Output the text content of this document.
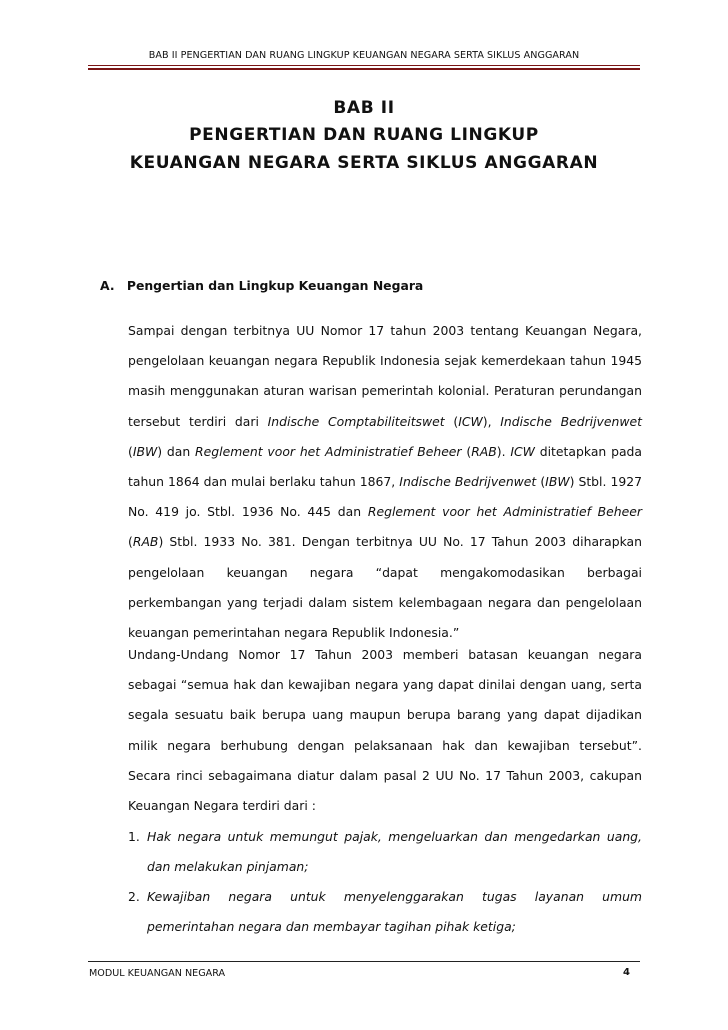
BAB II PENGERTIAN DAN RUANG LINGKUP KEUANGAN NEGARA SERTA SIKLUS ANGGARAN
BAB II
PENGERTIAN DAN RUANG LINGKUP
KEUANGAN NEGARA SERTA SIKLUS ANGGARAN
A. Pengertian dan Lingkup Keuangan Negara

Sampai dengan terbitnya UU Nomor 17 tahun 2003 tentang Keuangan Negara, pengelolaan keuangan negara Republik Indonesia sejak kemerdekaan tahun 1945 masih menggunakan aturan warisan pemerintah kolonial. Peraturan perundangan tersebut terdiri dari Indische Comptabiliteitswet (ICW), Indische Bedrijvenwet (IBW) dan Reglement voor het Administratief Beheer (RAB). ICW ditetapkan pada tahun 1864 dan mulai berlaku tahun 1867, Indische Bedrijvenwet (IBW) Stbl. 1927 No. 419 jo. Stbl. 1936 No. 445 dan Reglement voor het Administratief Beheer (RAB) Stbl. 1933 No. 381. Dengan terbitnya UU No. 17 Tahun 2003 diharapkan pengelolaan keuangan negara “dapat mengakomodasikan berbagai perkembangan yang terjadi dalam sistem kelembagaan negara dan pengelolaan keuangan pemerintahan negara Republik Indonesia.”

Undang-Undang Nomor 17 Tahun 2003 memberi batasan keuangan negara sebagai “semua hak dan kewajiban negara yang dapat dinilai dengan uang, serta segala sesuatu baik berupa uang maupun berupa barang yang dapat dijadikan milik negara berhubung dengan pelaksanaan hak dan kewajiban tersebut”. Secara rinci sebagaimana diatur dalam pasal 2 UU No. 17 Tahun 2003, cakupan Keuangan Negara terdiri dari :

1. Hak negara untuk memungut pajak, mengeluarkan dan mengedarkan uang, dan melakukan pinjaman;
2. Kewajiban negara untuk menyelenggarakan tugas layanan umum pemerintahan negara dan membayar tagihan pihak ketiga;
MODUL KEUANGAN NEGARA	4
